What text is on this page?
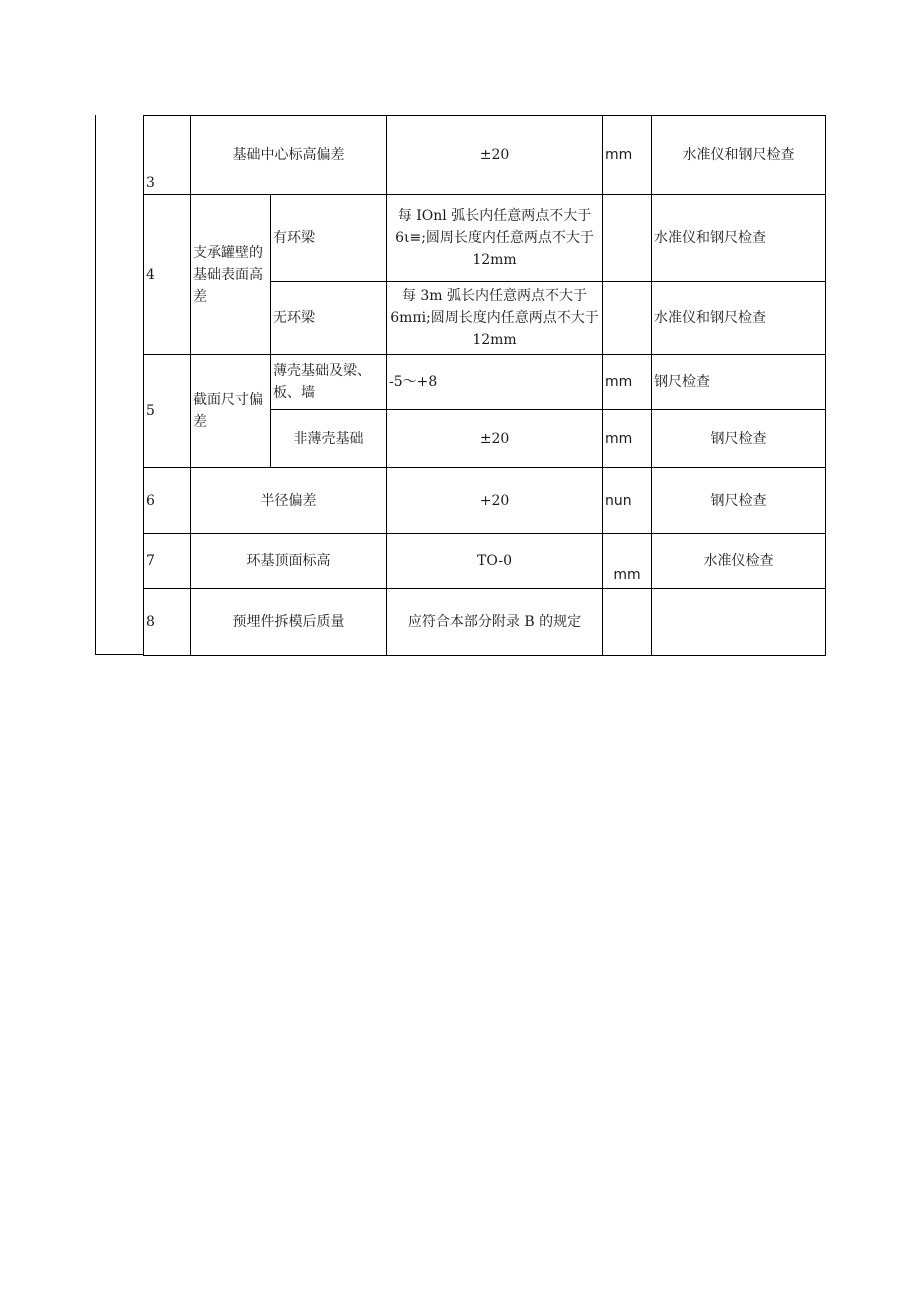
3	基础中心标高偏差		±20	mm	水准仪和钢尺检查
4	支承罐壁的基础表面高差	有环梁	每 IOnl 弧长内任意两点不大于 6ι≡;圆周长度内任意两点不大于 12mm		水准仪和钢尺检查
		无环梁	每 3m 弧长内任意两点不大于 6mπi;圆周长度内任意两点不大于 12mm		水准仪和钢尺检查
5	截面尺寸偏差	薄壳基础及梁、板、墙	-5～+8	mm	钢尺检查
		非薄壳基础	±20	mm	钢尺检查
6	半径偏差		+20	nun	钢尺检查
7	环基顶面标高		TO-0	mm	水准仪检查
8	预埋件拆模后质量		应符合本部分附录 B 的规定		
